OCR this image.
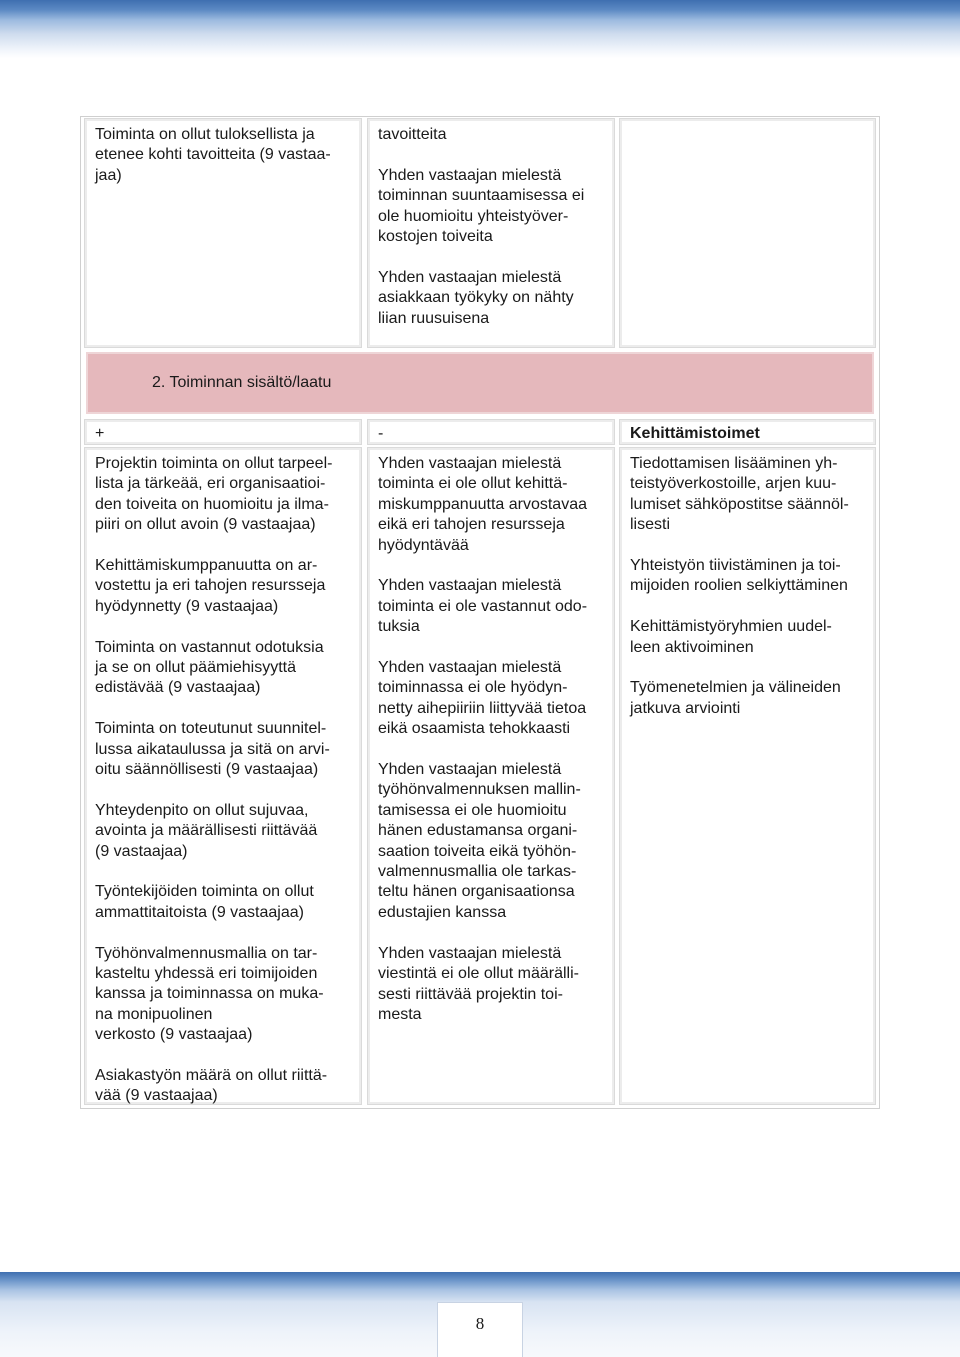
Toiminta on ollut tuloksellista ja
etenee kohti tavoitteita (9 vastaa-
jaa)

tavoitteita

Yhden vastaajan mielestä
toiminnan suuntaamisessa ei
ole huomioitu yhteistyöver-
kostojen toiveita

Yhden vastaajan mielestä
asiakkaan työkyky on nähty
liian ruusuisena

2. Toiminnan sisältö/laatu
+	-	Kehittämistoimet

Projektin toiminta on ollut tarpeel-
lista ja tärkeää, eri organisaatioi-
den toiveita on huomioitu ja ilma-
piiri on ollut avoin (9 vastaajaa)

Kehittämiskumppanuutta on ar-
vostettu ja eri tahojen resursseja
hyödynnetty (9 vastaajaa)

Toiminta on vastannut odotuksia
ja se on ollut päämiehisyyttä
edistävää (9 vastaajaa)

Toiminta on toteutunut suunnitel-
lussa aikataulussa ja sitä on arvi-
oitu säännöllisesti (9 vastaajaa)

Yhteydenpito on ollut sujuvaa,
avointa ja määrällisesti riittävää
(9 vastaajaa)

Työntekijöiden toiminta on ollut
ammattitaitoista (9 vastaajaa)

Työhönvalmennusmallia on tar-
kasteltu yhdessä eri toimijoiden
kanssa ja toiminnassa on muka-
na monipuolinen
verkosto (9 vastaajaa)

Asiakastyön määrä on ollut riittä-
vää (9 vastaajaa)

Yhden vastaajan mielestä
toiminta ei ole ollut kehittä-
miskumppanuutta arvostavaa
eikä eri tahojen resursseja
hyödyntävää

Yhden vastaajan mielestä
toiminta ei ole vastannut odo-
tuksia

Yhden vastaajan mielestä
toiminnassa ei ole hyödyn-
netty aihepiiriin liittyvää tietoa
eikä osaamista tehokkaasti

Yhden vastaajan mielestä
työhönvalmennuksen mallin-
tamisessa ei ole huomioitu
hänen edustamansa organi-
saation toiveita eikä työhön-
valmennusmallia ole tarkas-
teltu hänen organisaationsa
edustajien kanssa

Yhden vastaajan mielestä
viestintä ei ole ollut määrälli-
sesti riittävää projektin toi-
mesta

Tiedottamisen lisääminen yh-
teistyöverkostoille, arjen kuu-
lumiset sähköpostitse säännöl-
lisesti

Yhteistyön tiivistäminen ja toi-
mijoiden roolien selkiyttäminen

Kehittämistyöryhmien uudel-
leen aktivoiminen

Työmenetelmien ja välineiden
jatkuva arviointi

8
